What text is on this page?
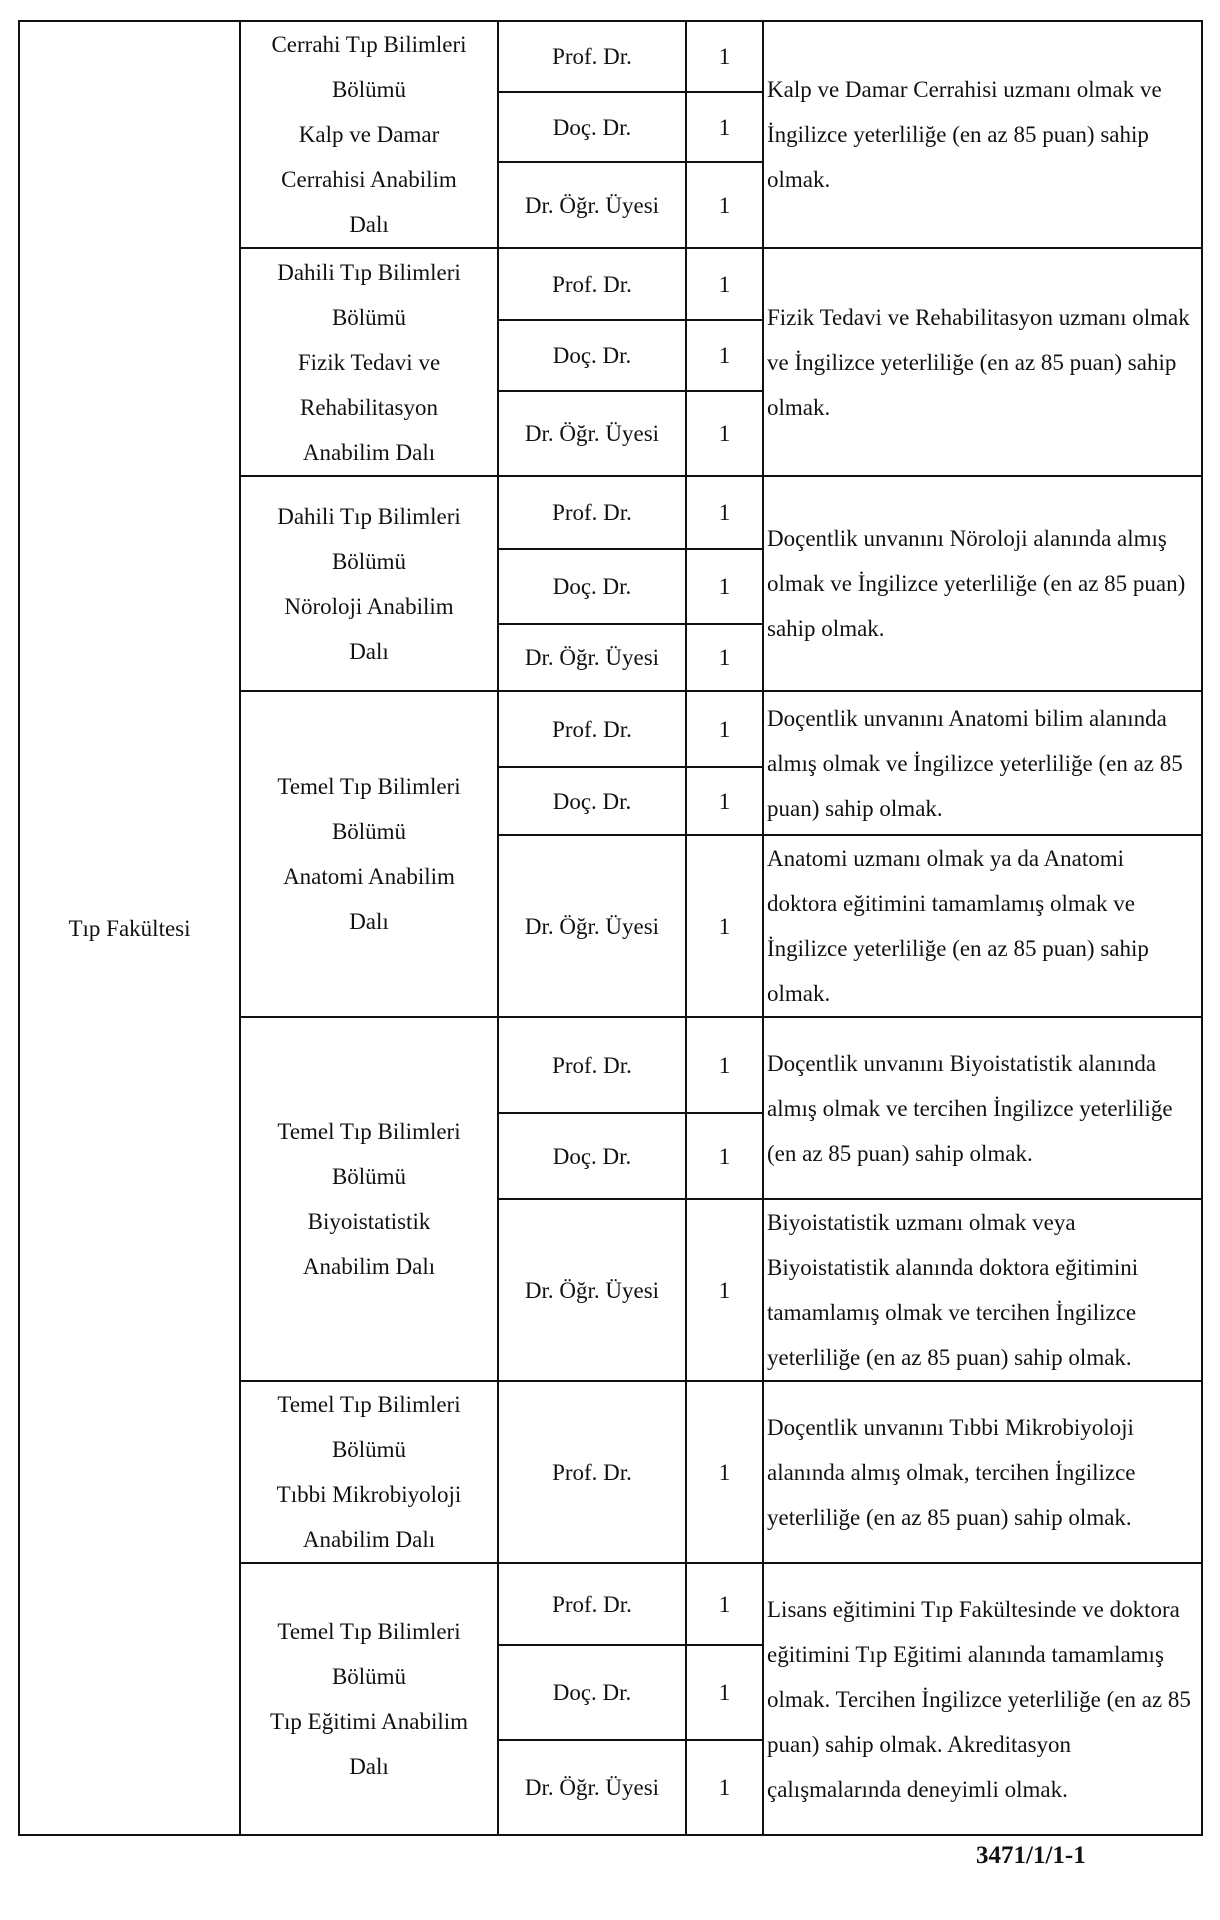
Tıp Fakültesi	Cerrahi Tıp Bilimleri
Bölümü
Kalp ve Damar
Cerrahisi Anabilim
Dalı	Prof. Dr.	1	Kalp ve Damar Cerrahisi uzmanı olmak ve İngilizce yeterliliğe (en az 85 puan) sahip olmak.
		Doç. Dr.	1	
		Dr. Öğr. Üyesi	1	

	Dahili Tıp Bilimleri
Bölümü
Fizik Tedavi ve
Rehabilitasyon
Anabilim Dalı	Prof. Dr.	1	Fizik Tedavi ve Rehabilitasyon uzmanı olmak ve İngilizce yeterliliğe (en az 85 puan) sahip olmak.
		Doç. Dr.	1	
		Dr. Öğr. Üyesi	1	

	Dahili Tıp Bilimleri
Bölümü
Nöroloji Anabilim
Dalı	Prof. Dr.	1	Doçentlik unvanını Nöroloji alanında almış olmak ve İngilizce yeterliliğe (en az 85 puan) sahip olmak.
		Doç. Dr.	1	
		Dr. Öğr. Üyesi	1	

	Temel Tıp Bilimleri
Bölümü
Anatomi Anabilim
Dalı	Prof. Dr.	1	Doçentlik unvanını Anatomi bilim alanında almış olmak ve İngilizce yeterliliğe (en az 85 puan) sahip olmak.
		Doç. Dr.	1	
		Dr. Öğr. Üyesi	1	Anatomi uzmanı olmak ya da Anatomi doktora eğitimini tamamlamış olmak ve İngilizce yeterliliğe (en az 85 puan) sahip olmak.

	Temel Tıp Bilimleri
Bölümü
Biyoistatistik
Anabilim Dalı	Prof. Dr.	1	Doçentlik unvanını Biyoistatistik alanında almış olmak ve tercihen İngilizce yeterliliğe (en az 85 puan) sahip olmak.
		Doç. Dr.	1	
		Dr. Öğr. Üyesi	1	Biyoistatistik uzmanı olmak veya Biyoistatistik alanında doktora eğitimini tamamlamış olmak ve tercihen İngilizce yeterliliğe (en az 85 puan) sahip olmak.

	Temel Tıp Bilimleri
Bölümü
Tıbbi Mikrobiyoloji
Anabilim Dalı	Prof. Dr.	1	Doçentlik unvanını Tıbbi Mikrobiyoloji alanında almış olmak, tercihen İngilizce yeterliliğe (en az 85 puan) sahip olmak.

	Temel Tıp Bilimleri
Bölümü
Tıp Eğitimi Anabilim
Dalı	Prof. Dr.	1	Lisans eğitimini Tıp Fakültesinde ve doktora eğitimini Tıp Eğitimi alanında tamamlamış olmak. Tercihen İngilizce yeterliliğe (en az 85 puan) sahip olmak. Akreditasyon çalışmalarında deneyimli olmak.
		Doç. Dr.	1	
		Dr. Öğr. Üyesi	1	
3471/1/1-1
